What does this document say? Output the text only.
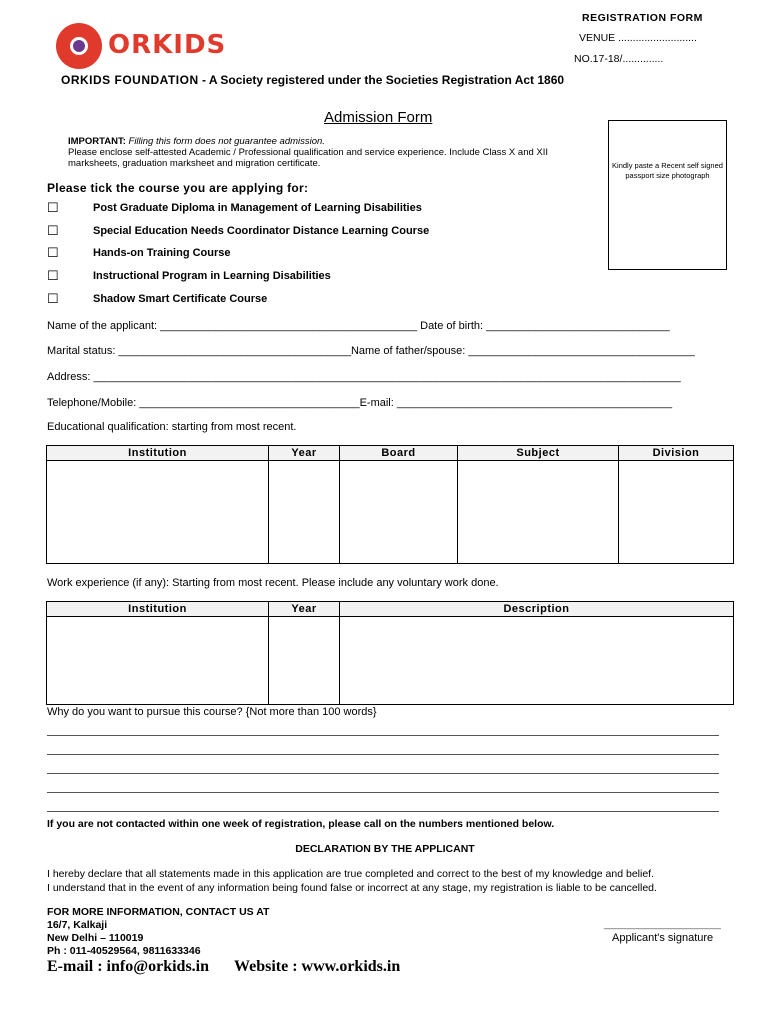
ORKIDS
REGISTRATION FORM
VENUE ...........................
NO.17-18/..............
ORKIDS FOUNDATION - A Society registered under the Societies Registration Act 1860
Admission Form
IMPORTANT: Filling this form does not guarantee admission.
Please enclose self-attested Academic / Professional qualification and service experience. Include Class X and XII
marksheets, graduation marksheet and migration certificate.	Kindly paste a Recent self signed passport size photograph
Please tick the course you are applying for:
☐	Post Graduate Diploma in Management of Learning Disabilities
☐	Special Education Needs Coordinator Distance Learning Course
☐	Hands-on Training Course
☐	Instructional Program in Learning Disabilities
☐	Shadow Smart Certificate Course
Name of the applicant: __________________________________________ Date of birth: ______________________________
Marital status: ______________________________________Name of father/spouse: _____________________________________
Address: ________________________________________________________________________________________________
Telephone/Mobile: ____________________________________E-mail: _____________________________________________
Educational qualification: starting from most recent.
Institution	Year	Board	Subject	Division

Work experience (if any): Starting from most recent. Please include any voluntary work done.
Institution	Year	Description

Why do you want to pursue this course? {Not more than 100 words}
If you are not contacted within one week of registration, please call on the numbers mentioned below.
DECLARATION BY THE APPLICANT
I hereby declare that all statements made in this application are true completed and correct to the best of my knowledge and belief.
I understand that in the event of any information being found false or incorrect at any stage, my registration is liable to be cancelled.
FOR MORE INFORMATION, CONTACT US AT
16/7, Kalkaji
New Delhi – 110019
Ph : 011-40529564, 9811633346
____________________
Applicant's signature
E-mail : info@orkids.in Website : www.orkids.in
